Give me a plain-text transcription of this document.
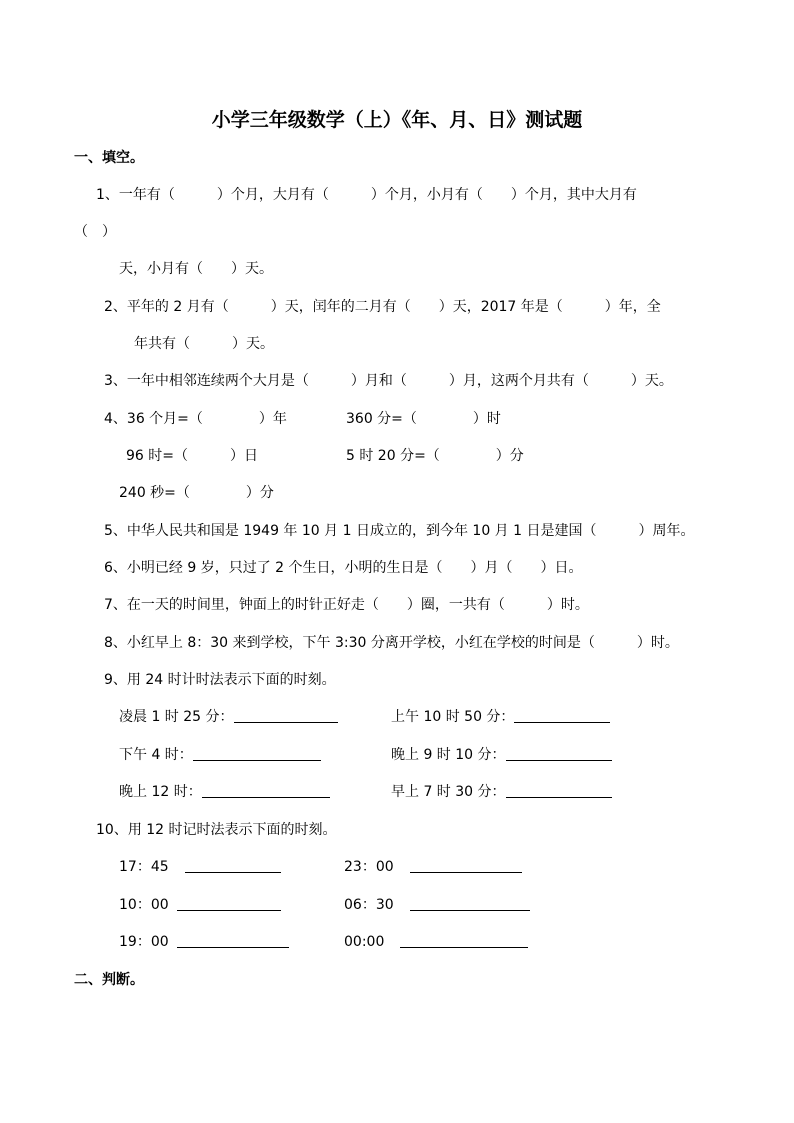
小学三年级数学（上）《年、月、日》测试题
一、填空。
1、一年有（　　　）个月，大月有（　　　）个月，小月有（　　）个月，其中大月有
（　）
天，小月有（　　）天。
2、平年的 2 月有（　　　）天，闰年的二月有（　　）天，2017 年是（　　　）年，全
年共有（　　　）天。
3、一年中相邻连续两个大月是（　　　）月和（　　　）月，这两个月共有（　　　）天。
4、36 个月=（　　　　）年	360 分=（　　　　）时
96 时=（　　　）日	5 时 20 分=（　　　　）分
240 秒=（　　　　）分
5、中华人民共和国是 1949 年 10 月 1 日成立的，到今年 10 月 1 日是建国（　　　）周年。
6、小明已经 9 岁，只过了 2 个生日，小明的生日是（　　）月（　　）日。
7、在一天的时间里，钟面上的时针正好走（　　）圈，一共有（　　　）时。
8、小红早上 8：30 来到学校，下午 3:30 分离开学校，小红在学校的时间是（　　　）时。
9、用 24 时计时法表示下面的时刻。
凌晨 1 时 25 分：	上午 10 时 50 分：
下午 4 时：	晚上 9 时 10 分：
晚上 12 时：	早上 7 时 30 分：
10、用 12 时记时法表示下面的时刻。
17：45	23：00
10：00	06：30
19：00	00:00
二、判断。
